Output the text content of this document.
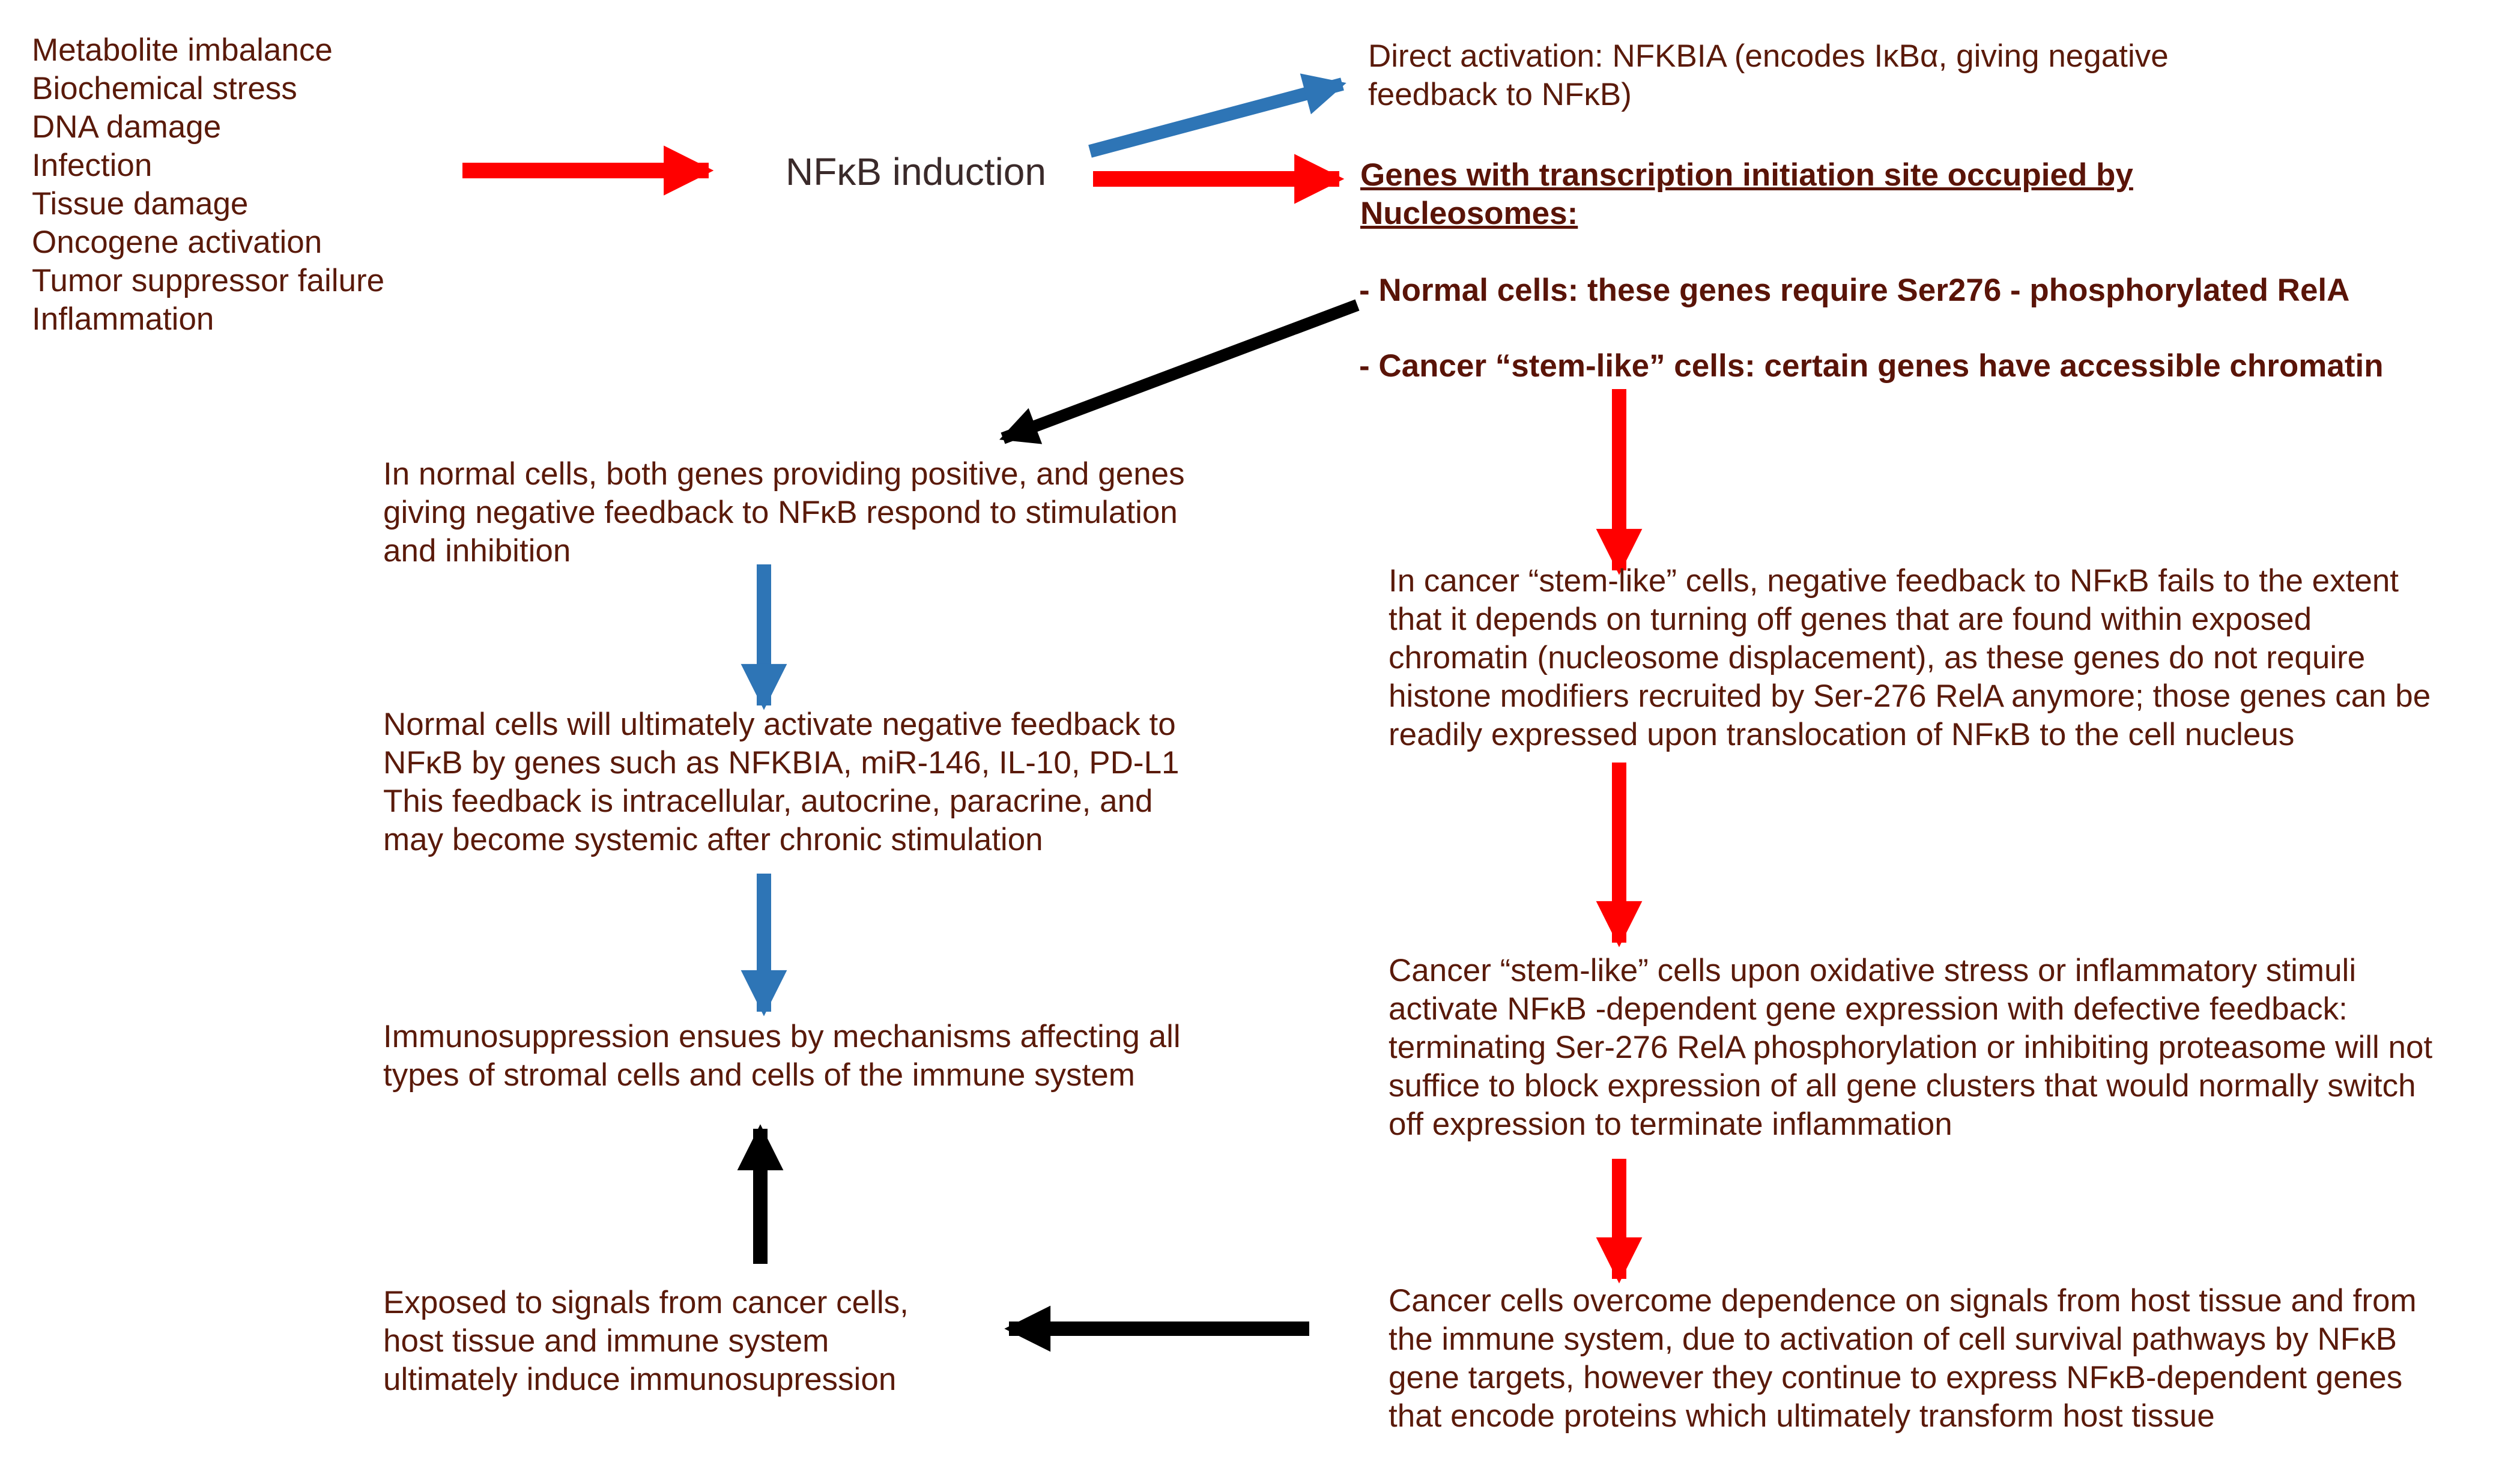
Metabolite imbalance
Biochemical stress
DNA damage
Infection
Tissue damage
Oncogene activation
Tumor suppressor failure
Inflammation
NFκB induction
Direct activation: NFKBIA (encodes IκBα, giving negative
feedback to NFκB)
Genes with transcription initiation site occupied by
Nucleosomes:
- Normal cells: these genes require Ser276 - phosphorylated RelA
- Cancer “stem-like” cells: certain genes have accessible chromatin
In normal cells, both genes providing positive, and genes
giving negative feedback to NFκB respond to stimulation
and inhibition
Normal cells will ultimately activate negative feedback to
NFκB by genes such as NFKBIA, miR-146, IL-10, PD-L1
This feedback is intracellular, autocrine, paracrine, and
may become systemic after chronic stimulation
Immunosuppression ensues by mechanisms affecting all
types of stromal cells and cells of the immune system
Exposed to signals from cancer cells,
host tissue and immune system
ultimately induce immunosupression
In cancer “stem-like” cells, negative feedback to NFκB fails to the extent
that it depends on turning off genes that are found within exposed
chromatin (nucleosome displacement), as these genes do not require
histone modifiers recruited by Ser-276 RelA anymore; those genes can be
readily expressed upon translocation of NFκB to the cell nucleus
Cancer “stem-like” cells upon oxidative stress or inflammatory stimuli
activate NFκB -dependent gene expression with defective feedback:
terminating Ser-276 RelA phosphorylation or inhibiting proteasome will not
suffice to block expression of all gene clusters that would normally switch
off expression to terminate inflammation
Cancer cells overcome dependence on signals from host tissue and from
the immune system, due to activation of cell survival pathways by NFκB
gene targets, however they continue to express NFκB-dependent genes
that encode proteins which ultimately transform host tissue
